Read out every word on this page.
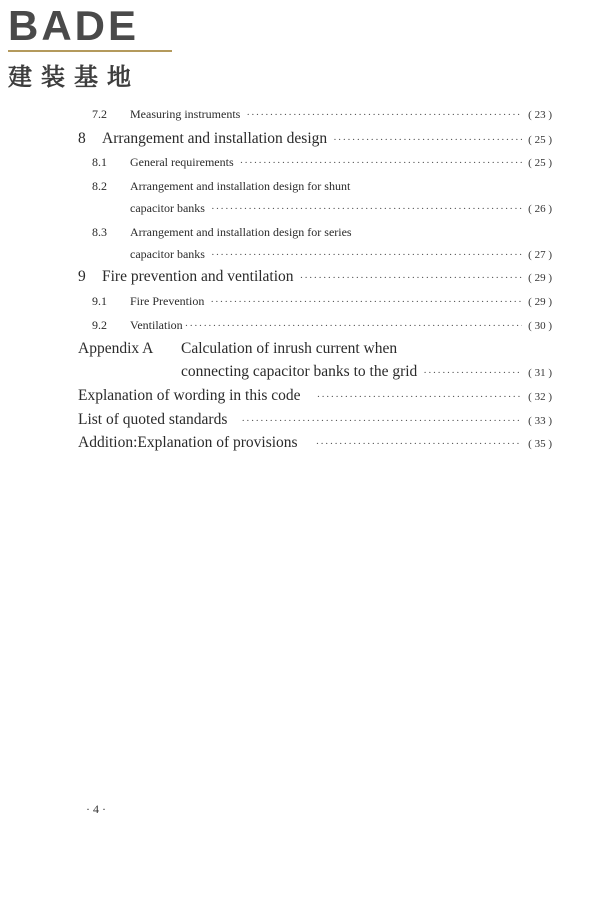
BADE
建装基地
7.2	Measuring instruments ·····	( 23 )
8	Arrangement and installation design ·····	( 25 )
8.1	General requirements ·····	( 25 )
8.2 Arrangement and installation design for shunt
capacitor banks ·····	( 26 )
8.3 Arrangement and installation design for series
capacitor banks ·····	( 27 )
9	Fire prevention and ventilation ·····	( 29 )
9.1	Fire Prevention ·····	( 29 )
9.2	Ventilation ·····	( 30 )
Appendix A Calculation of inrush current when
connecting capacitor banks to the grid ·····	( 31 )
Explanation of wording in this code ·····	( 32 )
List of quoted standards ·····	( 33 )
Addition:Explanation of provisions ·····	( 35 )
· 4 ·
